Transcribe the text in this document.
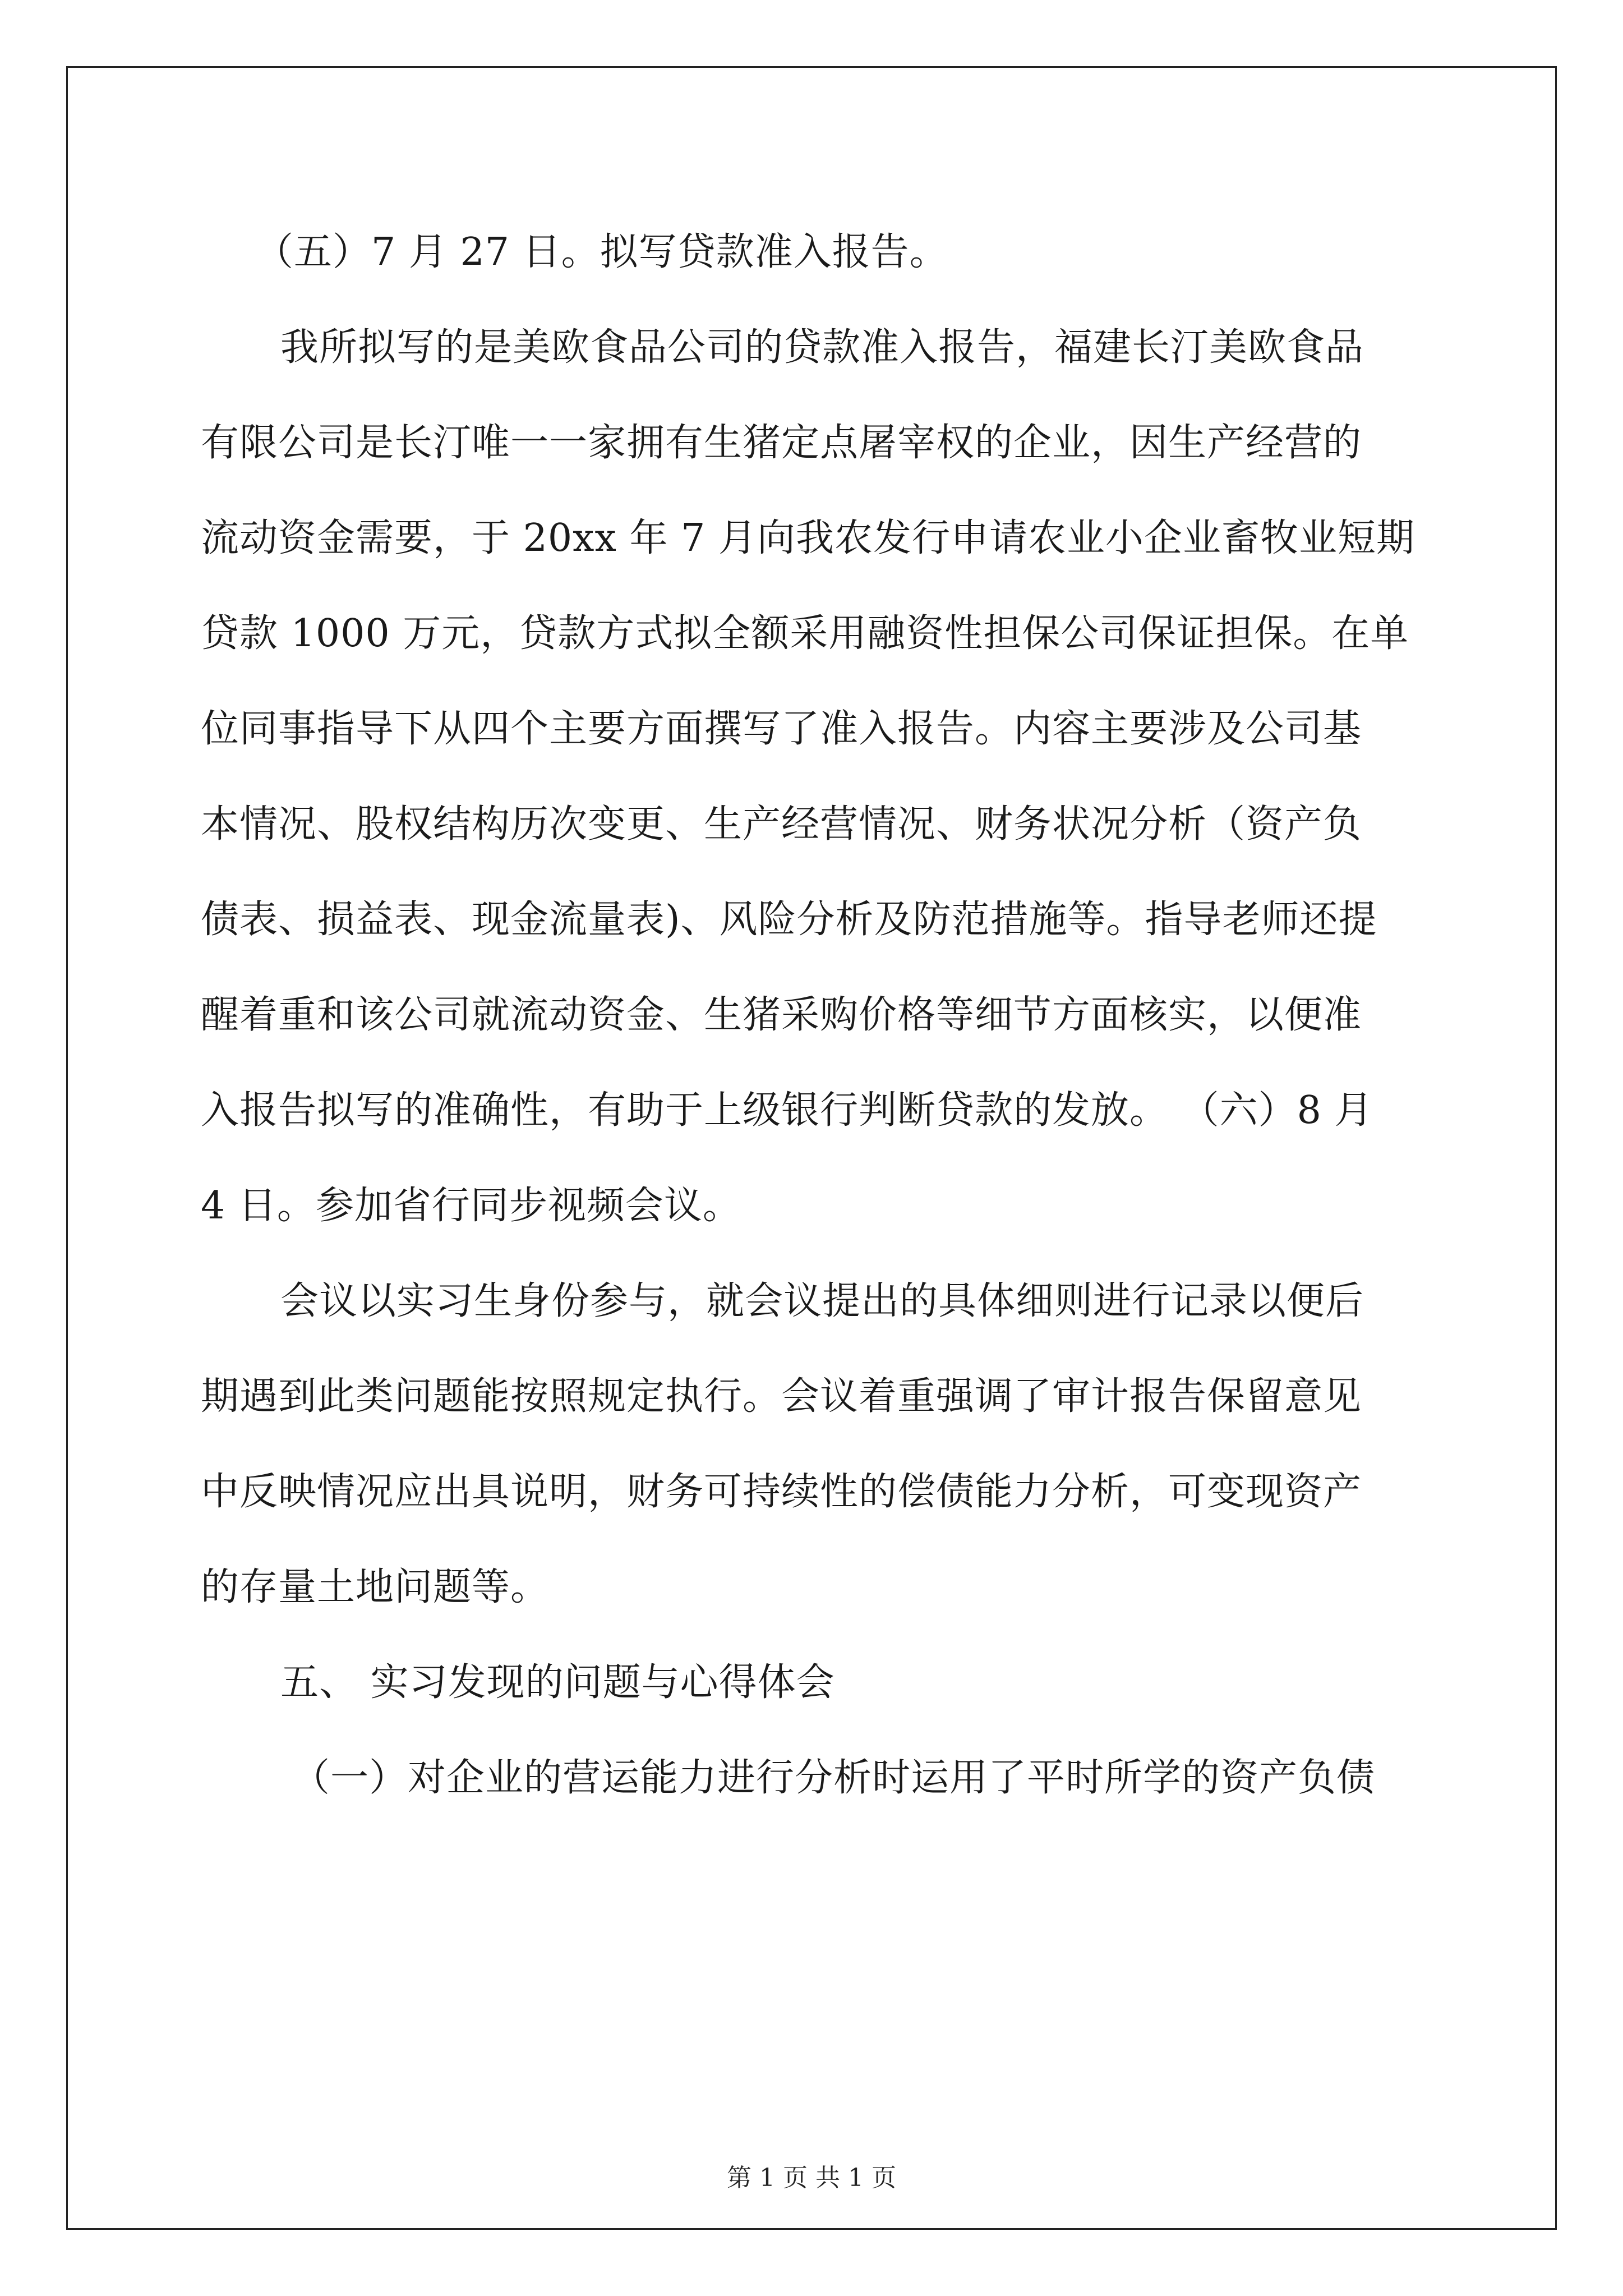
（五）7 月 27 日。拟写贷款准入报告。
我所拟写的是美欧食品公司的贷款准入报告，福建长汀美欧食品
有限公司是长汀唯一一家拥有生猪定点屠宰权的企业，因生产经营的
流动资金需要，于 20xx 年 7 月向我农发行申请农业小企业畜牧业短期
贷款 1000 万元，贷款方式拟全额采用融资性担保公司保证担保。在单
位同事指导下从四个主要方面撰写了准入报告。内容主要涉及公司基
本情况、股权结构历次变更、生产经营情况、财务状况分析（资产负
债表、损益表、现金流量表)、风险分析及防范措施等。指导老师还提
醒着重和该公司就流动资金、生猪采购价格等细节方面核实，以便准
入报告拟写的准确性，有助于上级银行判断贷款的发放。 （六）8 月
4 日。参加省行同步视频会议。
会议以实习生身份参与，就会议提出的具体细则进行记录以便后
期遇到此类问题能按照规定执行。会议着重强调了审计报告保留意见
中反映情况应出具说明，财务可持续性的偿债能力分析，可变现资产
的存量土地问题等。
五、 实习发现的问题与心得体会
（一）对企业的营运能力进行分析时运用了平时所学的资产负债
第 1 页 共 1 页
